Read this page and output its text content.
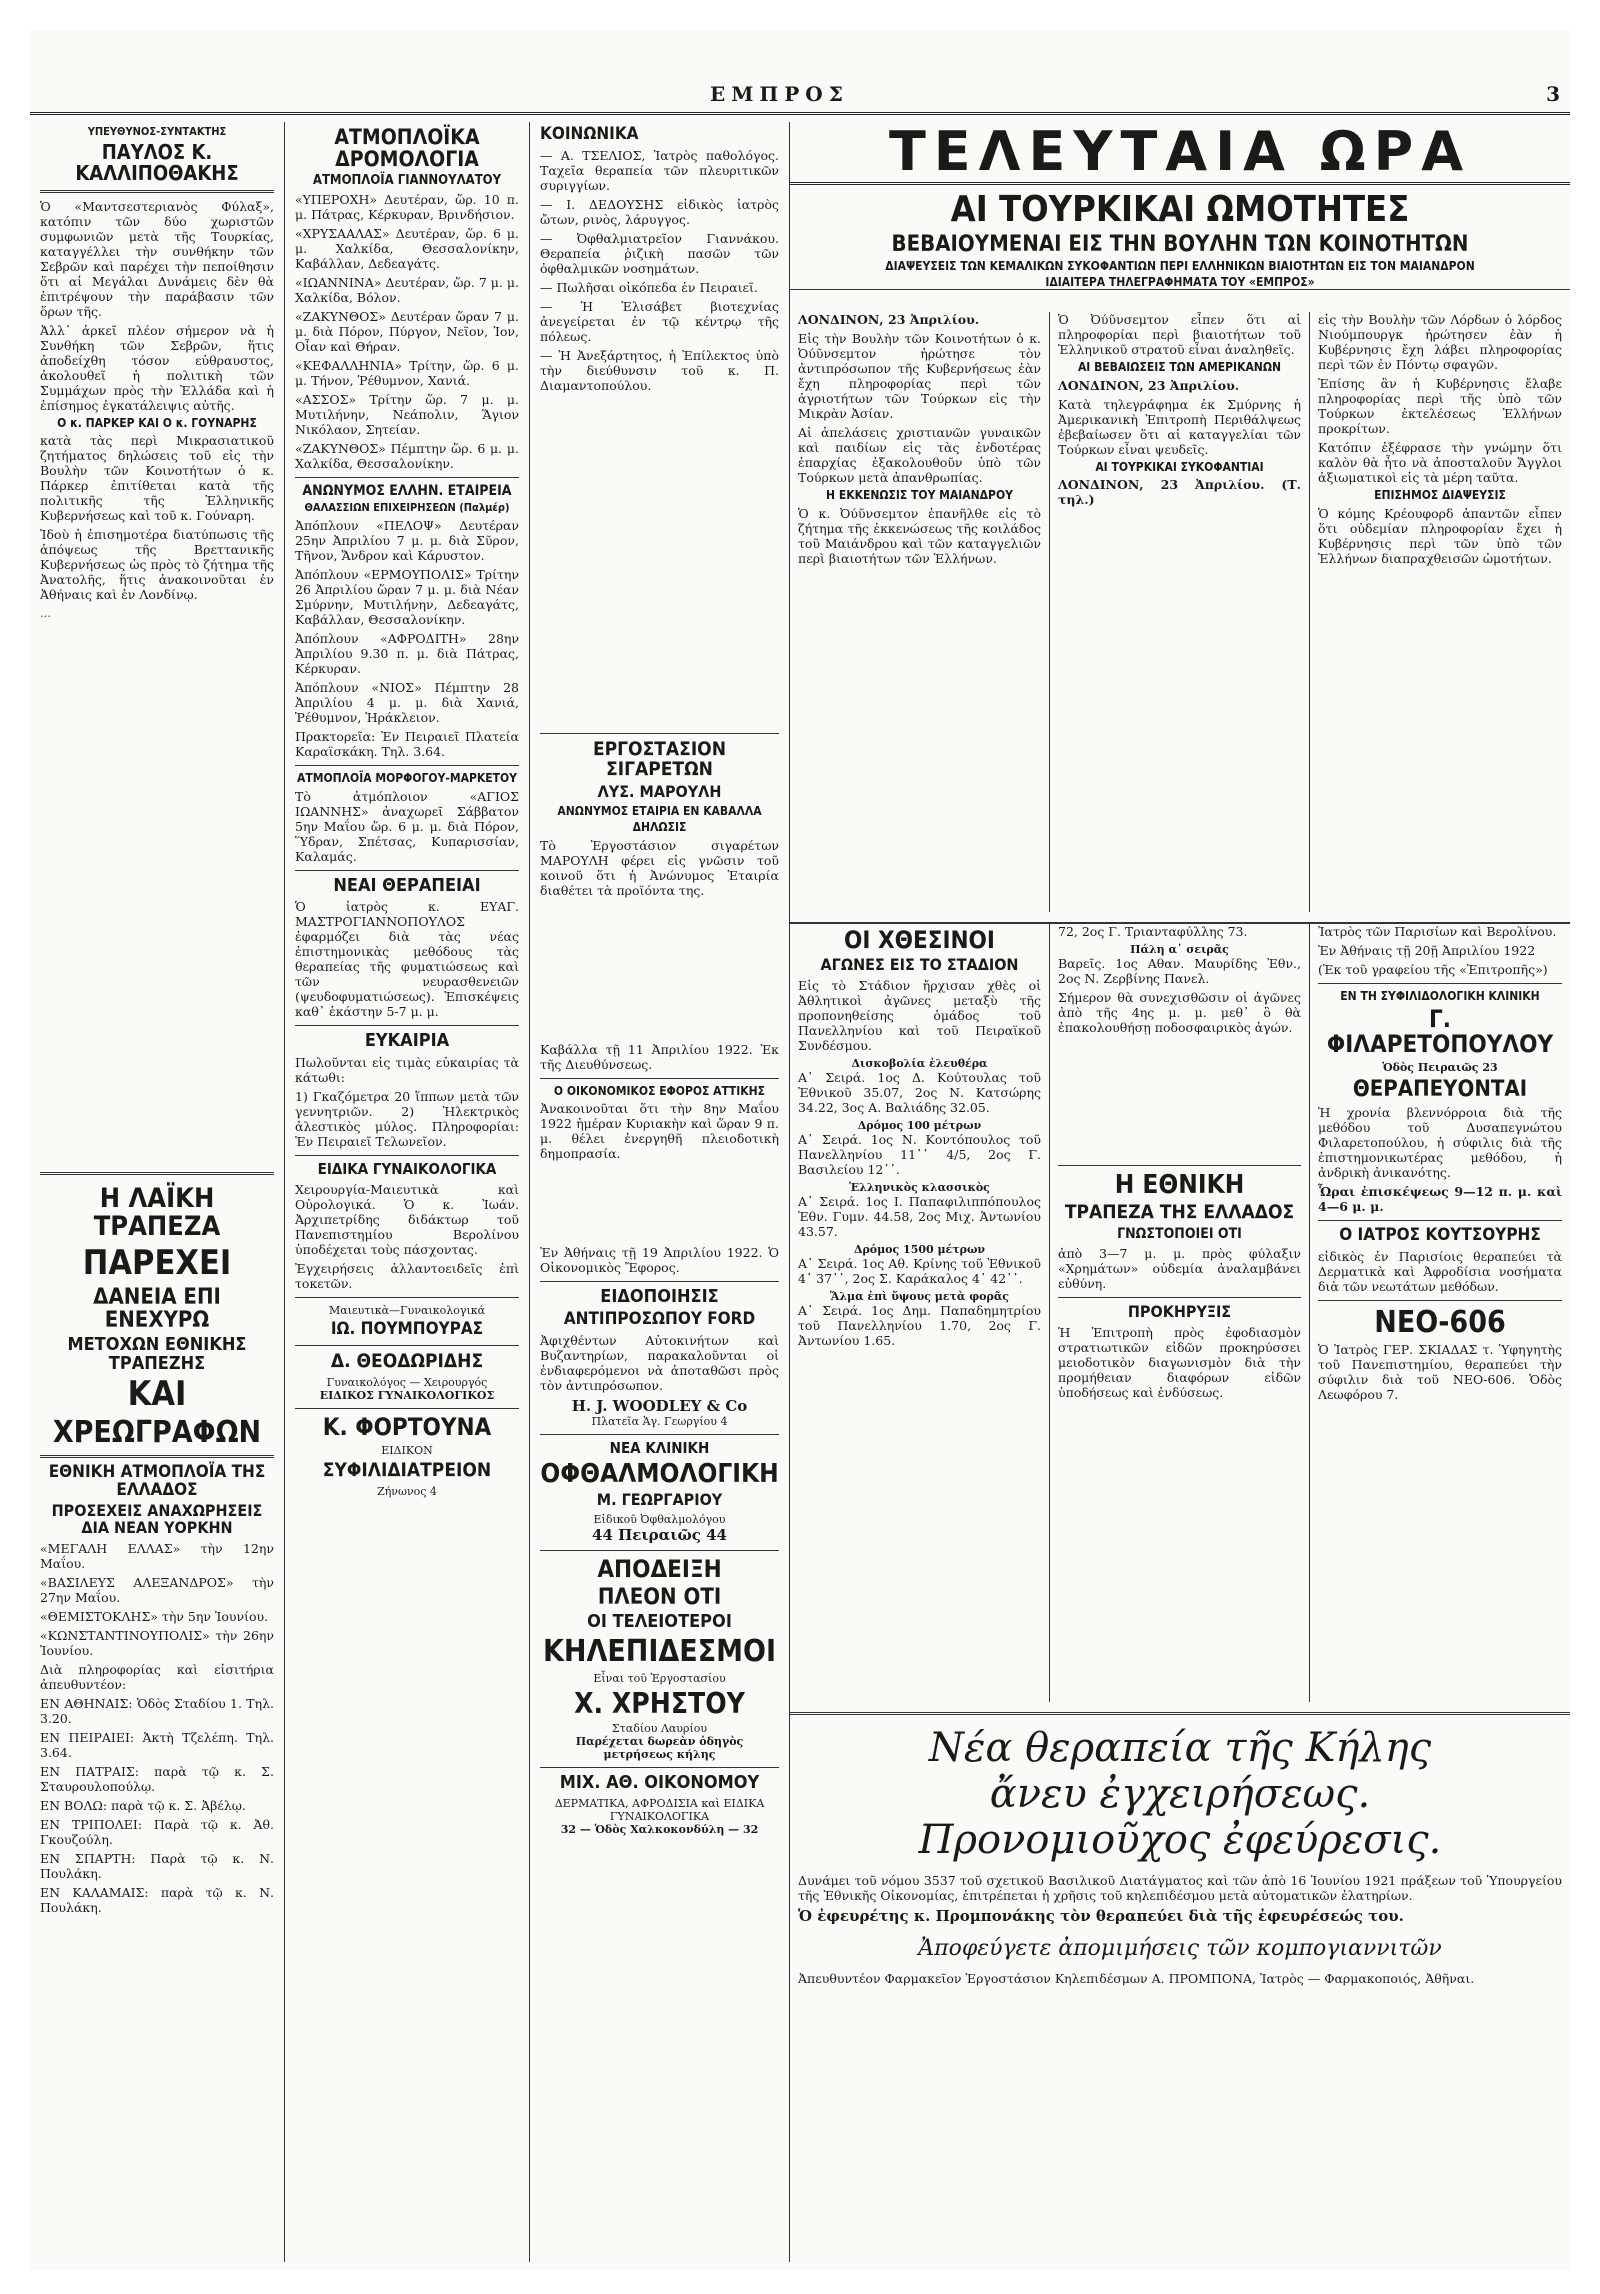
ΕΜΠΡΟΣ	3
ΥΠΕΥΘΥΝΟΣ-ΣΥΝΤΑΚΤΗΣ
ΠΑΥΛΟΣ Κ. ΚΑΛΛΙΠΟΘΑΚΗΣ

Ὁ «Μαντσεστεριανὸς Φύλαξ», κατόπιν τῶν δύο χωριστῶν συμφωνιῶν μετὰ τῆς Τουρκίας, καταγγέλλει τὴν συνθήκην τῶν Σεβρῶν καὶ παρέχει τὴν πεποίθησιν ὅτι αἱ Μεγάλαι Δυνάμεις δὲν θὰ ἐπιτρέψουν τὴν παράβασιν τῶν ὅρων τῆς.

Ἀλλ᾽ ἀρκεῖ πλέον σήμερον νὰ ἡ Συνθήκη τῶν Σεβρῶν, ἥτις ἀποδείχθη τόσον εὐθραυστος, ἀκολουθεῖ ἡ πολιτικὴ τῶν Συμμάχων πρὸς τὴν Ἑλλάδα καὶ ἡ ἐπίσημος ἐγκατάλειψις αὐτῆς.

Ο κ. ΠΑΡΚΕΡ ΚΑΙ Ο κ. ΓΟΥΝΑΡΗΣ

κατὰ τὰς περὶ Μικρασιατικοῦ ζητήματος δηλώσεις τοῦ εἰς τὴν Βουλὴν τῶν Κοινοτήτων ὁ κ. Πάρκερ ἐπιτίθεται κατὰ τῆς πολιτικῆς τῆς Ἑλληνικῆς Κυβερνήσεως καὶ τοῦ κ. Γούναρη.

Ἰδοὺ ἡ ἐπισημοτέρα διατύπωσις τῆς ἀπόψεως τῆς Βρεττανικῆς Κυβερνήσεως ὡς πρὸς τὸ ζήτημα τῆς Ἀνατολῆς, ἥτις ἀνακοινοῦται ἐν Ἀθήναις καὶ ἐν Λονδίνῳ.

…

Η ΛΑΪΚΗ ΤΡΑΠΕΖΑ
ΠΑΡΕΧΕΙ
ΔΑΝΕΙΑ ΕΠΙ ΕΝΕΧΥΡΩ
ΜΕΤΟΧΩΝ ΕΘΝΙΚΗΣ ΤΡΑΠΕΖΗΣ
ΚΑΙ
ΧΡΕΩΓΡΑΦΩΝ
ΕΘΝΙΚΗ ΑΤΜΟΠΛΟΪΑ ΤΗΣ ΕΛΛΑΔΟΣ
ΠΡΟΣΕΧΕΙΣ ΑΝΑΧΩΡΗΣΕΙΣ ΔΙΑ ΝΕΑΝ ΥΟΡΚΗΝ

«ΜΕΓΑΛΗ ΕΛΛΑΣ» τὴν 12ην Μαΐου.

«ΒΑΣΙΛΕΥΣ ΑΛΕΞΑΝΔΡΟΣ» τὴν 27ην Μαΐου.

«ΘΕΜΙΣΤΟΚΛΗΣ» τὴν 5ην Ἰουνίου.

«ΚΩΝΣΤΑΝΤΙΝΟΥΠΟΛΙΣ» τὴν 26ην Ἰουνίου.

Διὰ πληροφορίας καὶ εἰσιτήρια ἀπευθυντέον:

ΕΝ ΑΘΗΝΑΙΣ: Ὁδὸς Σταδίου 1. Τηλ. 3.20.

ΕΝ ΠΕΙΡΑΙΕΙ: Ἀκτὴ Τζελέπη. Τηλ. 3.64.

ΕΝ ΠΑΤΡΑΙΣ: παρὰ τῷ κ. Σ. Σταυρουλοπούλῳ.

ΕΝ ΒΟΛΩ: παρὰ τῷ κ. Σ. Ἀβέλῳ.

ΕΝ ΤΡΙΠΟΛΕΙ: Παρὰ τῷ κ. Ἀθ. Γκουζούλη.

ΕΝ ΣΠΑΡΤΗ: Παρὰ τῷ κ. Ν. Πουλάκη.

ΕΝ ΚΑΛΑΜΑΙΣ: παρὰ τῷ κ. Ν. Πουλάκη.

ΑΤΜΟΠΛΟΪΚΑ ΔΡΟΜΟΛΟΓΙΑ
ΑΤΜΟΠΛΟΪΑ ΓΙΑΝΝΟΥΛΑΤΟΥ

«ΥΠΕΡΟΧΗ» Δευτέραν, ὥρ. 10 π. μ. Πάτρας, Κέρκυραν, Βρινδήσιον.

«ΧΡΥΣΑΑΛΑΣ» Δευτέραν, ὥρ. 6 μ. μ. Χαλκίδα, Θεσσαλονίκην, Καβάλλαν, Δεδεαγάτς.

«ΙΩΑΝΝΙΝΑ» Δευτέραν, ὥρ. 7 μ. μ. Χαλκίδα, Βόλον.

«ΖΑΚΥΝΘΟΣ» Δευτέραν ὥραν 7 μ. μ. διὰ Πόρον, Πύργον, Νεῖον, Ἰον, Οἶαν καὶ Θήραν.

«ΚΕΦΑΛΛΗΝΙΑ» Τρίτην, ὥρ. 6 μ. μ. Τήνον, Ῥέθυμνον, Χανιά.

«ΑΣΣΟΣ» Τρίτην ὥρ. 7 μ. μ. Μυτιλήνην, Νεάπολιν, Ἅγιον Νικόλαον, Σητείαν.

«ΖΑΚΥΝΘΟΣ» Πέμπτην ὥρ. 6 μ. μ. Χαλκίδα, Θεσσαλονίκην.

ΑΝΩΝΥΜΟΣ ΕΛΛΗΝ. ΕΤΑΙΡΕΙΑ
ΘΑΛΑΣΣΙΩΝ ΕΠΙΧΕΙΡΗΣΕΩΝ (Παλμέρ)

Ἀπόπλουν «ΠΕΛΟΨ» Δευτέραν 25ην Ἀπριλίου 7 μ. μ. διὰ Σῦρον, Τῆνον, Ἄνδρον καὶ Κάρυστον.

Ἀπόπλουν «ΕΡΜΟΥΠΟΛΙΣ» Τρίτην 26 Ἀπριλίου ὥραν 7 μ. μ. διὰ Νέαν Σμύρνην, Μυτιλήνην, Δεδεαγάτς, Καβάλλαν, Θεσσαλονίκην.

Ἀπόπλουν «ΑΦΡΟΔΙΤΗ» 28ην Ἀπριλίου 9.30 π. μ. διὰ Πάτρας, Κέρκυραν.

Ἀπόπλουν «ΝΙΟΣ» Πέμπτην 28 Ἀπριλίου 4 μ. μ. διὰ Χανιά, Ῥέθυμνον, Ἡράκλειον.

Πρακτορεῖα: Ἐν Πειραιεῖ Πλατεία Καραϊσκάκη. Τηλ. 3.64.

ΑΤΜΟΠΛΟΪΑ ΜΟΡΦΟΓΟΥ-ΜΑΡΚΕΤΟΥ

Τὸ ἀτμόπλοιον «ΑΓΙΟΣ ΙΩΑΝΝΗΣ» ἀναχωρεῖ Σάββατον 5ην Μαΐου ὥρ. 6 μ. μ. διὰ Πόρον, Ὕδραν, Σπέτσας, Κυπαρισσίαν, Καλαμάς.

ΝΕΑΙ ΘΕΡΑΠΕΙΑΙ

Ὁ ἰατρὸς κ. ΕΥΑΓ. ΜΑΣΤΡΟΓΙΑΝΝΟΠΟΥΛΟΣ ἐφαρμόζει διὰ τὰς νέας ἐπιστημονικὰς μεθόδους τὰς θεραπείας τῆς φυματιώσεως καὶ τῶν νευρασθενειῶν (ψευδοφυματιώσεως). Ἐπισκέψεις καθ᾽ ἑκάστην 5-7 μ. μ.

ΕΥΚΑΙΡΙΑ

Πωλοῦνται εἰς τιμὰς εὐκαιρίας τὰ κάτωθι:

1) Γκαζόμετρα 20 ἵππων μετὰ τῶν γεννητριῶν. 2) Ἠλεκτρικὸς ἀλεστικὸς μύλος. Πληροφορίαι: Ἐν Πειραιεῖ Τελωνεῖον.

ΕΙΔΙΚΑ ΓΥΝΑΙΚΟΛΟΓΙΚΑ

Χειρουργία-Μαιευτικὰ καὶ Οὐρολογικά. Ὁ κ. Ἰωάν. Ἀρχιπετρίδης διδάκτωρ τοῦ Πανεπιστημίου Βερολίνου ὑποδέχεται τοὺς πάσχοντας.

Ἐγχειρήσεις ἀλλαντοειδεῖς ἐπὶ τοκετῶν.

Μαιευτικὰ—Γυναικολογικά
ΙΩ. ΠΟΥΜΠΟΥΡΑΣ
Δ. ΘΕΟΔΩΡΙΔΗΣ
Γυναικολόγος — Χειρουργός
ΕΙΔΙΚΟΣ ΓΥΝΑΙΚΟΛΟΓΙΚΟΣ
Κ. ΦΟΡΤΟΥΝΑ
ΕΙΔΙΚΟΝ
ΣΥΦΙΛΙΔΙΑΤΡΕΙΟΝ
Ζήνωνος 4
ΚΟΙΝΩΝΙΚΑ

— Α. ΤΣΕΛΙΟΣ, Ἰατρὸς παθολόγος. Ταχεῖα θεραπεία τῶν πλευριτικῶν συριγγίων.

— Ι. ΔΕΔΟΥΣΗΣ εἰδικὸς ἰατρὸς ὤτων, ρινὸς, λάρυγγος.

— Ὀφθαλμιατρεῖον Γιαννάκου. Θεραπεία ῥιζικὴ πασῶν τῶν ὀφθαλμικῶν νοσημάτων.

— Πωλῆσαι οἰκόπεδα ἐν Πειραιεῖ.

— Ἡ Ἐλισάβετ βιοτεχνίας ἀνεγείρεται ἐν τῷ κέντρῳ τῆς πόλεως.

— Ἡ Ἀνεξάρτητος, ἡ Ἐπίλεκτος ὑπὸ τὴν διεύθυνσιν τοῦ κ. Π. Διαμαντοπούλου.

ΕΡΓΟΣΤΑΣΙΟΝ ΣΙΓΑΡΕΤΩΝ
ΛΥΣ. ΜΑΡΟΥΛΗ
ΑΝΩΝΥΜΟΣ ΕΤΑΙΡΙΑ ΕΝ ΚΑΒΑΛΛΑ
ΔΗΛΩΣΙΣ

Τὸ Ἐργοστάσιον σιγαρέτων ΜΑΡΟΥΛΗ φέρει εἰς γνῶσιν τοῦ κοινοῦ ὅτι ἡ Ἀνώνυμος Ἑταιρία διαθέτει τὰ προϊόντα της.

Καβάλλα τῇ 11 Ἀπριλίου 1922. Ἐκ τῆς Διευθύνσεως.

Ο ΟΙΚΟΝΟΜΙΚΟΣ ΕΦΟΡΟΣ ΑΤΤΙΚΗΣ

Ἀνακοινοῦται ὅτι τὴν 8ην Μαΐου 1922 ἡμέραν Κυριακὴν καὶ ὥραν 9 π. μ. θέλει ἐνεργηθῆ πλειοδοτικὴ δημοπρασία.

Ἐν Ἀθήναις τῇ 19 Ἀπριλίου 1922. Ὁ Οἰκονομικὸς Ἔφορος.

ΕΙΔΟΠΟΙΗΣΙΣ
ΑΝΤΙΠΡΟΣΩΠΟΥ FORD

Ἀφιχθέντων Αὐτοκινήτων καὶ Βυζαντηρίων, παρακαλοῦνται οἱ ἐνδιαφερόμενοι νὰ ἀποταθῶσι πρὸς τὸν ἀντιπρόσωπον.

H. J. WOODLEY & Co
Πλατεῖα Ἁγ. Γεωργίου 4
ΝΕΑ ΚΛΙΝΙΚΗ
ΟΦΘΑΛΜΟΛΟΓΙΚΗ
Μ. ΓΕΩΡΓΑΡΙΟΥ
Εἰδικοῦ Ὀφθαλμολόγου
44 Πειραιῶς 44
ΑΠΟΔΕΙΞΗ
ΠΛΕΟΝ ΟΤΙ
ΟΙ ΤΕΛΕΙΟΤΕΡΟΙ
ΚΗΛΕΠΙΔΕΣΜΟΙ
Εἶναι τοῦ Ἐργοστασίου
Χ. ΧΡΗΣΤΟΥ
Σταδίου Λαυρίου
Παρέχεται δωρεὰν ὁδηγὸς μετρήσεως κήλης
ΜΙΧ. ΑΘ. ΟΙΚΟΝΟΜΟΥ
ΔΕΡΜΑΤΙΚΑ, ΑΦΡΟΔΙΣΙΑ καὶ ΕΙΔΙΚΑ ΓΥΝΑΙΚΟΛΟΓΙΚΑ
32 — Ὁδὸς Χαλκοκονδύλη — 32
ΤΕΛΕΥΤΑΙΑ ΩΡΑ
ΑΙ ΤΟΥΡΚΙΚΑΙ ΩΜΟΤΗΤΕΣ
ΒΕΒΑΙΟΥΜΕΝΑΙ ΕΙΣ ΤΗΝ ΒΟΥΛΗΝ ΤΩΝ ΚΟΙΝΟΤΗΤΩΝ
ΔΙΑΨΕΥΣΕΙΣ ΤΩΝ ΚΕΜΑΛΙΚΩΝ ΣΥΚΟΦΑΝΤΙΩΝ ΠΕΡΙ ΕΛΛΗΝΙΚΩΝ ΒΙΑΙΟΤΗΤΩΝ ΕΙΣ ΤΟΝ ΜΑΙΑΝΔΡΟΝ
ΙΔΙΑΙΤΕΡΑ ΤΗΛΕΓΡΑΦΗΜΑΤΑ ΤΟΥ «ΕΜΠΡΟΣ»

ΛΟΝΔΙΝΟΝ, 23 Ἀπριλίου.

Εἰς τὴν Βουλὴν τῶν Κοινοτήτων ὁ κ. Ὀύῦνσεμτον ἠρώτησε τὸν ἀντιπρόσωπον τῆς Κυβερνήσεως ἐὰν ἔχη πληροφορίας περὶ τῶν ἀγριοτήτων τῶν Τούρκων εἰς τὴν Μικρὰν Ἀσίαν.

Αἱ ἀπελάσεις χριστιανῶν γυναικῶν καὶ παιδίων εἰς τὰς ἐνδοτέρας ἐπαρχίας ἐξακολουθοῦν ὑπὸ τῶν Τούρκων μετὰ ἀπανθρωπίας.

Η ΕΚΚΕΝΩΣΙΣ ΤΟΥ ΜΑΙΑΝΔΡΟΥ

Ὁ κ. Ὀύῦνσεμτον ἐπανῆλθε εἰς τὸ ζήτημα τῆς ἐκκενώσεως τῆς κοιλάδος τοῦ Μαιάνδρου καὶ τῶν καταγγελιῶν περὶ βιαιοτήτων τῶν Ἑλλήνων.

Ὁ Ὀύῦνσεμτον εἶπεν ὅτι αἱ πληροφορίαι περὶ βιαιοτήτων τοῦ Ἑλληνικοῦ στρατοῦ εἶναι ἀναληθεῖς.

ΑΙ ΒΕΒΑΙΩΣΕΙΣ ΤΩΝ ΑΜΕΡΙΚΑΝΩΝ

ΛΟΝΔΙΝΟΝ, 23 Ἀπριλίου.

Κατὰ τηλεγράφημα ἐκ Σμύρνης ἡ Ἀμερικανικὴ Ἐπιτροπὴ Περιθάλψεως ἐβεβαίωσεν ὅτι αἱ καταγγελίαι τῶν Τούρκων εἶναι ψευδεῖς.

ΑΙ ΤΟΥΡΚΙΚΑΙ ΣΥΚΟΦΑΝΤΙΑΙ

ΛΟΝΔΙΝΟΝ, 23 Ἀπριλίου. (Τ. τηλ.)

εἰς τὴν Βουλὴν τῶν Λόρδων ὁ λόρδος Νιούμπουργκ ἠρώτησεν ἐὰν ἡ Κυβέρνησις ἔχη λάβει πληροφορίας περὶ τῶν ἐν Πόντῳ σφαγῶν.

Ἐπίσης ἂν ἡ Κυβέρνησις ἔλαβε πληροφορίας περὶ τῆς ὑπὸ τῶν Τούρκων ἐκτελέσεως Ἑλλήνων προκρίτων.

Κατόπιν ἐξέφρασε τὴν γνώμην ὅτι καλὸν θὰ ἦτο νὰ ἀποσταλοῦν Ἄγγλοι ἀξιωματικοὶ εἰς τὰ μέρη ταῦτα.

ΕΠΙΣΗΜΟΣ ΔΙΑΨΕΥΣΙΣ

Ὁ κόμης Κρέουφορδ ἀπαντῶν εἶπεν ὅτι οὐδεμίαν πληροφορίαν ἔχει ἡ Κυβέρνησις περὶ τῶν ὑπὸ τῶν Ἑλλήνων διαπραχθεισῶν ὠμοτήτων.

ΟΙ ΧΘΕΣΙΝΟΙ
ΑΓΩΝΕΣ ΕΙΣ ΤΟ ΣΤΑΔΙΟΝ

Εἰς τὸ Στάδιον ἤρχισαν χθὲς οἱ Ἀθλητικοὶ ἀγῶνες μεταξὺ τῆς προπονηθείσης ὁμάδος τοῦ Πανελληνίου καὶ τοῦ Πειραϊκοῦ Συνδέσμου.

Δισκοβολία ἐλευθέρα

Α᾽ Σειρά. 1ος Δ. Κούτουλας τοῦ Ἐθνικοῦ 35.07, 2ος Ν. Κατσώρης 34.22, 3ος Α. Βαλιάδης 32.05.

Δρόμος 100 μέτρων

Α᾽ Σειρά. 1ος Ν. Κοντόπουλος τοῦ Πανελληνίου 11᾽᾽ 4/5, 2ος Γ. Βασιλείου 12᾽᾽.

Ἑλληνικὸς κλασσικὸς

Α᾽ Σειρά. 1ος Ι. Παπαφιλιππόπουλος Ἐθν. Γυμν. 44.58, 2ος Μιχ. Ἀντωνίου 43.57.

Δρόμος 1500 μέτρων

Α᾽ Σειρά. 1ος Αθ. Κρίνης τοῦ Ἐθνικοῦ 4᾽ 37᾽᾽, 2ος Σ. Καράκαλος 4᾽ 42᾽᾽.

Ἅλμα ἐπὶ ὕψους μετὰ φορᾶς

Α᾽ Σειρά. 1ος Δημ. Παπαδημητρίου τοῦ Πανελληνίου 1.70, 2ος Γ. Ἀντωνίου 1.65.

72, 2ος Γ. Τριανταφύλλης 73.

Πάλη α᾽ σειρᾶς

Βαρεῖς. 1ος Αθαν. Μαυρίδης Ἐθν., 2ος Ν. Ζερβίνης Πανελ.

Σήμερον θὰ συνεχισθῶσιν οἱ ἀγῶνες ἀπὸ τῆς 4ης μ. μ. μεθ᾽ ὃ θὰ ἐπακολουθήσῃ ποδοσφαιρικὸς ἀγών.

Η ΕΘΝΙΚΗ
ΤΡΑΠΕΖΑ ΤΗΣ ΕΛΛΑΔΟΣ
ΓΝΩΣΤΟΠΟΙΕΙ ΟΤΙ

ἀπὸ 3—7 μ. μ. πρὸς φύλαξιν «Χρημάτων» οὐδεμία ἀναλαμβάνει εὐθύνη.

ΠΡΟΚΗΡΥΞΙΣ

Ἡ Ἐπιτροπὴ πρὸς ἐφοδιασμὸν στρατιωτικῶν εἰδῶν προκηρύσσει μειοδοτικὸν διαγωνισμὸν διὰ τὴν προμήθειαν διαφόρων εἰδῶν ὑποδήσεως καὶ ἐνδύσεως.

Ἰατρὸς τῶν Παρισίων καὶ Βερολίνου.

Ἐν Ἀθήναις τῇ 20ῇ Ἀπριλίου 1922

(Ἐκ τοῦ γραφείου τῆς «Ἐπιτροπῆς»)

ΕΝ ΤΗ ΣΥΦΙΛΙΔΟΛΟΓΙΚΗ ΚΛΙΝΙΚΗ
Γ. ΦΙΛΑΡΕΤΟΠΟΥΛΟΥ
Ὁδὸς Πειραιῶς 23
ΘΕΡΑΠΕΥΟΝΤΑΙ

Ἡ χρονία βλεννόρροια διὰ τῆς μεθόδου τοῦ Δυσαπεγνώτου Φιλαρετοπούλου, ἡ σύφιλις διὰ τῆς ἐπιστημονικωτέρας μεθόδου, ἡ ἀνδρικὴ ἀνικανότης.

Ὧραι ἐπισκέψεως 9—12 π. μ. καὶ 4—6 μ. μ.

Ο ΙΑΤΡΟΣ ΚΟΥΤΣΟΥΡΗΣ

εἰδικὸς ἐν Παρισίοις θεραπεύει τὰ Δερματικὰ καὶ Ἀφροδίσια νοσήματα διὰ τῶν νεωτάτων μεθόδων.

ΝΕΟ-606

Ὁ Ἰατρὸς ΓΕΡ. ΣΚΙΑΔΑΣ τ. Ὑφηγητὴς τοῦ Πανεπιστημίου, θεραπεύει τὴν σύφιλιν διὰ τοῦ ΝΕΟ-606. Ὁδὸς Λεωφόρου 7.

Νέα θεραπεία τῆς Κήλης
ἄνευ ἐγχειρήσεως.
Προνομιοῦχος ἐφεύρεσις.

Δυνάμει τοῦ νόμου 3537 τοῦ σχετικοῦ Βασιλικοῦ Διατάγματος καὶ τῶν ἀπὸ 16 Ἰουνίου 1921 πράξεων τοῦ Ὑπουργείου τῆς Ἐθνικῆς Οἰκονομίας, ἐπιτρέπεται ἡ χρῆσις τοῦ κηλεπιδέσμου μετὰ αὐτοματικῶν ἐλατηρίων.

Ὁ ἐφευρέτης κ. Προμπονάκης τὸν θεραπεύει διὰ τῆς ἐφευρέσεώς του.

Ἀποφεύγετε ἀπομιμήσεις τῶν κομπογιαννιτῶν

Ἀπευθυντέον Φαρμακεῖον Ἐργοστάσιον Κηλεπιδέσμων Α. ΠΡΟΜΠΟΝΑ, Ἰατρὸς — Φαρμακοποιός, Ἀθῆναι.
